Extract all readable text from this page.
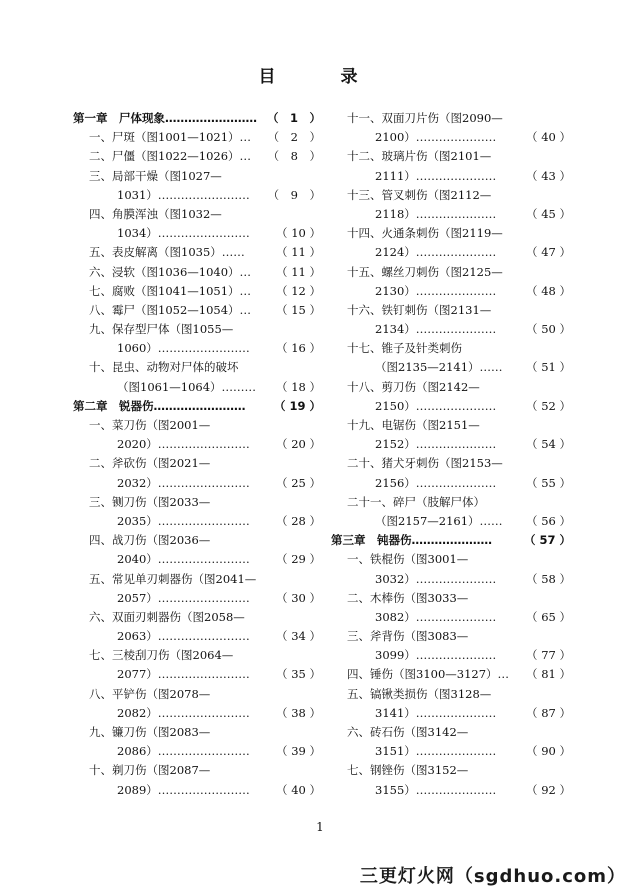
目　录
第一章　尸体现象…………………… （　1　）
一、尸斑（图1001—1021）… （　2　）
二、尸僵（图1022—1026）… （　8　）
三、局部干燥（图1027—
1031）…………………… （　9　）
四、角膜浑浊（图1032—
1034）…………………… （ 10 ）
五、表皮解离（图1035）……	（ 11 ）
六、浸软（图1036—1040）… （ 11 ）
七、腐败（图1041—1051）… （ 12 ）
八、霉尸（图1052—1054）… （ 15 ）
九、保存型尸体（图1055—
1060）…………………… （ 16 ）
十、昆虫、动物对尸体的破坏
（图1061—1064）……… （ 18 ）
第二章　锐器伤…………………… （ 19 ）
一、菜刀伤（图2001—
2020）…………………… （ 20 ）
二、斧砍伤（图2021—
2032）…………………… （ 25 ）
三、铡刀伤（图2033—
2035）…………………… （ 28 ）
四、战刀伤（图2036—
2040）…………………… （ 29 ）
五、常见单刃刺器伤（图2041—
2057）…………………… （ 30 ）
六、双面刃刺器伤（图2058—
2063）…………………… （ 34 ）
七、三棱刮刀伤（图2064—
2077）…………………… （ 35 ）
八、平铲伤（图2078—
2082）…………………… （ 38 ）
九、镰刀伤（图2083—
2086）…………………… （ 39 ）
十、剃刀伤（图2087—
2089）…………………… （ 40 ）
十一、双面刀片伤（图2090—
2100）…………………	（ 40 ）
十二、玻璃片伤（图2101—
2111）…………………	（ 43 ）
十三、管叉刺伤（图2112—
2118）…………………	（ 45 ）
十四、火通条刺伤（图2119—
2124）…………………	（ 47 ）
十五、螺丝刀刺伤（图2125—
2130）…………………	（ 48 ）
十六、铁钉刺伤（图2131—
2134）…………………	（ 50 ）
十七、锥子及针类刺伤
（图2135—2141）…… （ 51 ）
十八、剪刀伤（图2142—
2150）…………………	（ 52 ）
十九、电锯伤（图2151—
2152）…………………	（ 54 ）
二十、猪犬牙刺伤（图2153—
2156）…………………	（ 55 ）
二十一、碎尸（肢解尸体）
（图2157—2161）…… （ 56 ）
第三章　钝器伤…………………	（ 57 ）
一、铁棍伤（图3001—
3032）…………………	（ 58 ）
二、木棒伤（图3033—
3082）…………………	（ 65 ）
三、斧背伤（图3083—
3099）…………………	（ 77 ）
四、锤伤（图3100—3127）… （ 81 ）
五、镐锹类损伤（图3128—
3141）…………………	（ 87 ）
六、砖石伤（图3142—
3151）…………………	（ 90 ）
七、钢锉伤（图3152—
3155）…………………	（ 92 ）
1
三更灯火网（sgdhuo.com）
